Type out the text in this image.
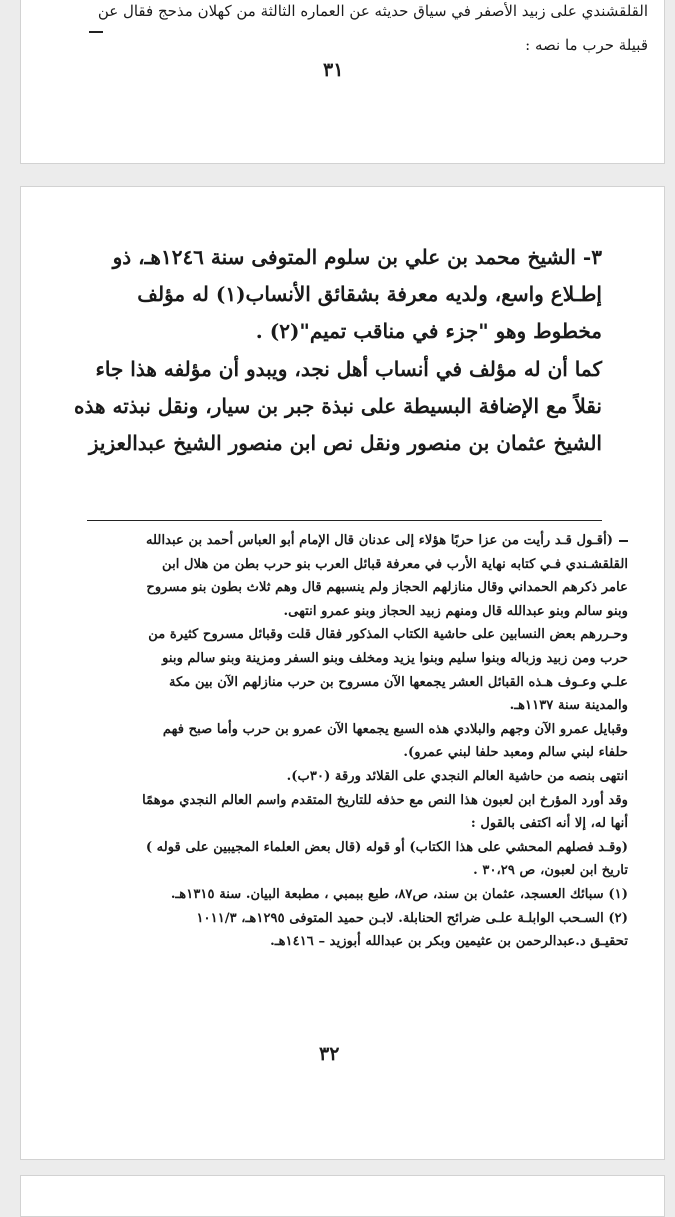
القلقشندي على زبيد الأصفر في سياق حديثه عن العماره الثالثة من كهلان مذحج فقال عن
قبيلة حرب ما نصه :
٣١

٣- الشيخ محمد بن علي بن سلوم المتوفى سنة ١٢٤٦هـ، ذو

إطـلاع واسع، ولديه معرفة بشقائق الأنساب(١) له مؤلف

مخطوط وهو "جزء في مناقب تميم"(٢) .

كما أن له مؤلف في أنساب أهل نجد، ويبدو أن مؤلفه هذا جاء

نقلاً مع الإضافة البسيطة على نبذة جبر بن سيار، ونقل نبذته هذه

الشيخ عثمان بن منصور ونقل نص ابن منصور الشيخ عبدالعزيز

(أقـول قـد رأيت من عزا حربًا هؤلاء إلى عدنان قال الإمام أبو العباس أحمد بن عبدالله

القلقشـندي فـي كتابه نهاية الأرب في معرفة قبائل العرب بنو حرب بطن من هلال ابن

عامر ذكرهم الحمداني وقال منازلهم الحجاز ولم ينسبهم قال وهم ثلاث بطون بنو مسروح

وبنو سالم وبنو عبدالله قال ومنهم زبيد الحجاز وبنو عمرو انتهى.

وحـررهم بعض النسابين على حاشية الكتاب المذكور فقال قلت وقبائل مسروح كثيرة من

حرب ومن زبيد وزباله وبنوا سليم وبنوا يزيد ومخلف وبنو السفر ومزينة وبنو سالم وبنو

علـي وعـوف هـذه القبائل العشر يجمعها الآن مسروح بن حرب منازلهم الآن بين مكة

والمدينة سنة ١١٣٧هـ.

وقبايل عمرو الآن وجهم والبلادي هذه السبع يجمعها الآن عمرو بن حرب وأما صبح فهم

حلفاء لبني سالم ومعبد حلفا لبني عمرو).

انتهى بنصه من حاشية العالم النجدي على القلائد ورقة (٣٠ب).

وقد أورد المؤرخ ابن لعبون هذا النص مع حذفه للتاريخ المتقدم واسم العالم النجدي موهمًا

أنها له، إلا أنه اكتفى بالقول :

(وقـد فصلهم المحشي على هذا الكتاب) أو قوله (قال بعض العلماء المجيبين على قوله )

تاريخ ابن لعبون، ص ٣٠،٢٩ .

(١) سبائك العسجد، عثمان بن سند، ص٨٧، طبع ببمبي ، مطبعة البيان. سنة ١٣١٥هـ.

(٢) السـحب الوابلـة علـى ضرائح الحنابلة. لابـن حميد المتوفى ١٢٩٥هـ، ١٠١١/٣

تحقيـق د.عبدالرحمن بن عثيمين وبكر بن عبدالله أبوزيد – ١٤١٦هـ.

٣٢
